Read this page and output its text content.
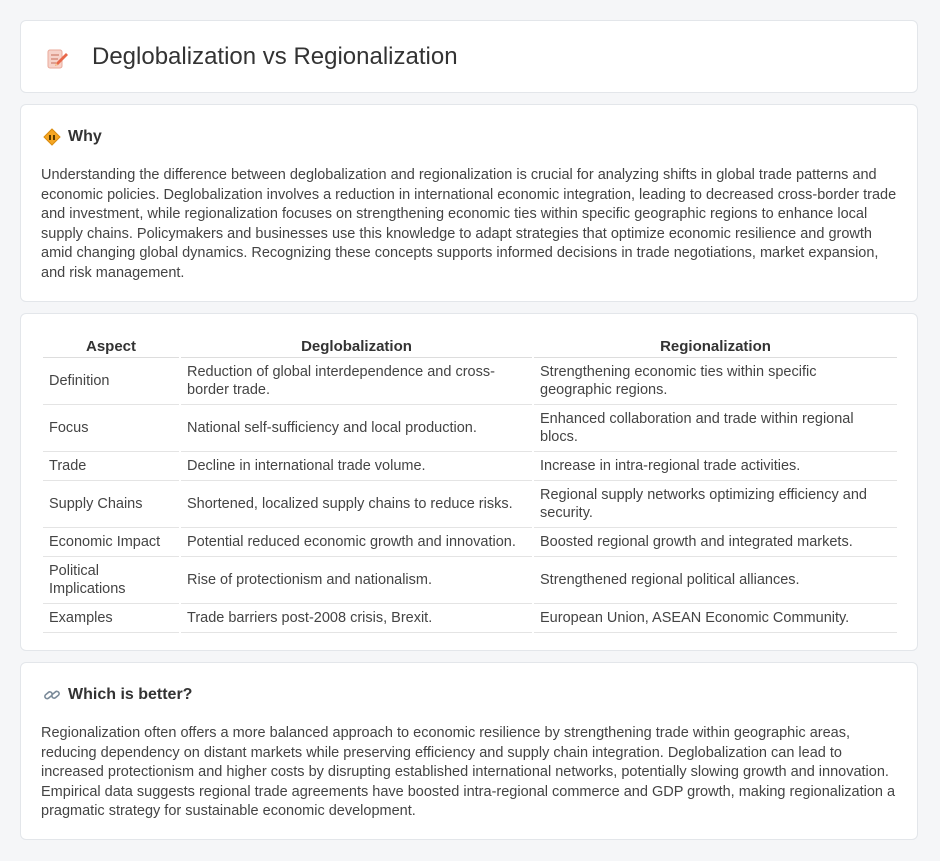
Deglobalization vs Regionalization
Why

Understanding the difference between deglobalization and regionalization is crucial for analyzing shifts in global trade patterns and economic policies. Deglobalization involves a reduction in international economic integration, leading to decreased cross-border trade and investment, while regionalization focuses on strengthening economic ties within specific geographic regions to enhance local supply chains. Policymakers and businesses use this knowledge to adapt strategies that optimize economic resilience and growth amid changing global dynamics. Recognizing these concepts supports informed decisions in trade negotiations, market expansion, and risk management.

Aspect	Deglobalization	Regionalization
Definition	Reduction of global interdependence and cross-border trade.	Strengthening economic ties within specific geographic regions.
Focus	National self-sufficiency and local production.	Enhanced collaboration and trade within regional blocs.
Trade	Decline in international trade volume.	Increase in intra-regional trade activities.
Supply Chains	Shortened, localized supply chains to reduce risks.	Regional supply networks optimizing efficiency and security.
Economic Impact	Potential reduced economic growth and innovation.	Boosted regional growth and integrated markets.
Political Implications	Rise of protectionism and nationalism.	Strengthened regional political alliances.
Examples	Trade barriers post-2008 crisis, Brexit.	European Union, ASEAN Economic Community.
Which is better?

Regionalization often offers a more balanced approach to economic resilience by strengthening trade within geographic areas, reducing dependency on distant markets while preserving efficiency and supply chain integration. Deglobalization can lead to increased protectionism and higher costs by disrupting established international networks, potentially slowing growth and innovation. Empirical data suggests regional trade agreements have boosted intra-regional commerce and GDP growth, making regionalization a pragmatic strategy for sustainable economic development.
